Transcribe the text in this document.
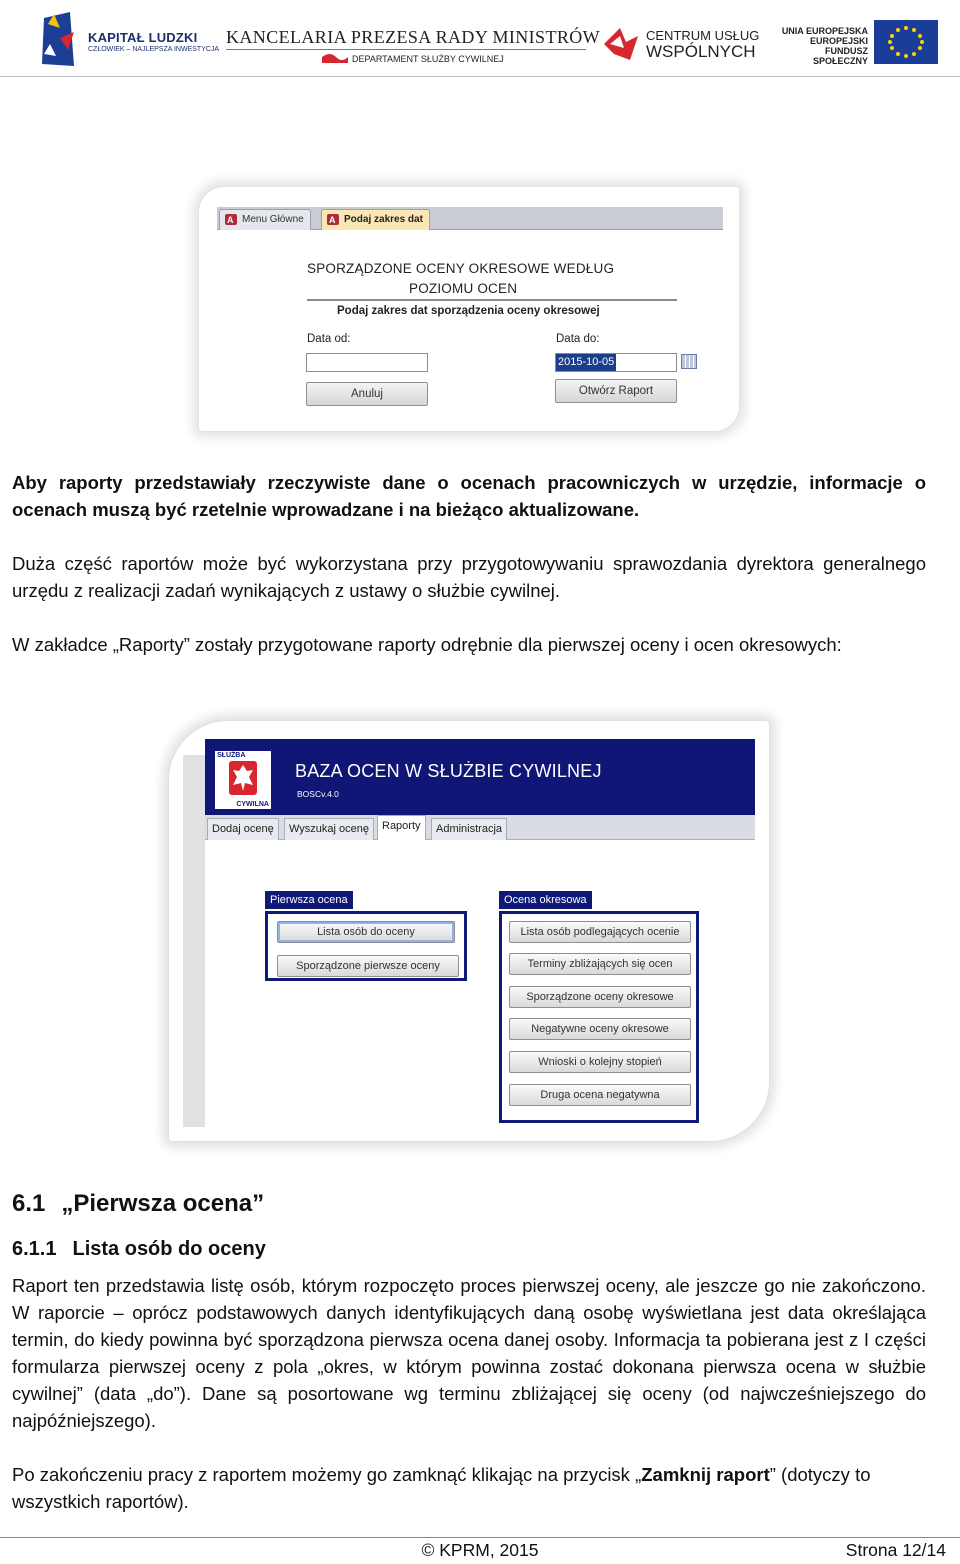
KAPITAŁ LUDZKI
CZŁOWIEK – NAJLEPSZA INWESTYCJA
KANCELARIA PREZESA RADY MINISTRÓW
DEPARTAMENT SŁUŻBY CYWILNEJ
CENTRUM USŁUG
WSPÓLNYCH
UNIA EUROPEJSKA
EUROPEJSKI
FUNDUSZ SPOŁECZNY
A
Menu Główne
A	Podaj zakres dat
SPORZĄDZONE OCENY OKRESOWE WEDŁUG
POZIOMU OCEN
Podaj zakres dat sporządzenia oceny okresowej
Data od:	Data do:
2015-10-05
Anuluj	Otwórz Raport
Aby raporty przedstawiały rzeczywiste dane o ocenach pracowniczych w urzędzie, informacje o ocenach muszą być rzetelnie wprowadzane i na bieżąco aktualizowane.
Duża część raportów może być wykorzystana przy przygotowywaniu sprawozdania dyrektora generalnego urzędu z realizacji zadań wynikających z ustawy o służbie cywilnej.
W zakładce „Raporty” zostały przygotowane raporty odrębnie dla pierwszej oceny i ocen okresowych:
SŁUŻBA
CYWILNA
BAZA OCEN W SŁUŻBIE CYWILNEJ
BOSCv.4.0
Dodaj ocenę	Wyszukaj ocenę	Raporty	Administracja
Pierwsza ocena
Lista osób do oceny
Sporządzone pierwsze oceny
Ocena okresowa
Lista osób podlegających ocenie
Terminy zbliżających się ocen
Sporządzone oceny okresowe
Negatywne oceny okresowe
Wnioski o kolejny stopień
Druga ocena negatywna
6.1 „Pierwsza ocena”
6.1.1 Lista osób do oceny
Raport ten przedstawia listę osób, którym rozpoczęto proces pierwszej oceny, ale jeszcze go nie zakończono. W raporcie – oprócz podstawowych danych identyfikujących daną osobę wyświetlana jest data określająca termin, do kiedy powinna być sporządzona pierwsza ocena danej osoby. Informacja ta pobierana jest z I części formularza pierwszej oceny z pola „okres, w którym powinna zostać dokonana pierwsza ocena w służbie cywilnej” (data „do”). Dane są posortowane wg terminu zbliżającej się oceny (od najwcześniejszego do najpóźniejszego).
Po zakończeniu pracy z raportem możemy go zamknąć klikając na przycisk „Zamknij raport” (dotyczy to wszystkich raportów).
© KPRM, 2015	Strona 12/14
